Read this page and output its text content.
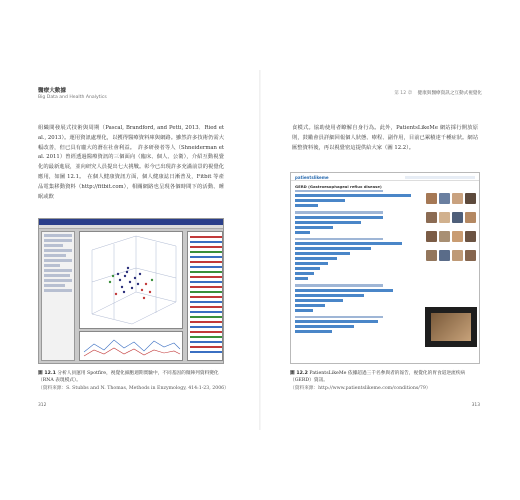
醫療大數據
Big Data and Health Analytics

組織間發展式技術與周期（Pascal, Brandford, and Petti, 2013．Ried et al., 2013）。運用資訊處理化，以獲得醫療資料庫與網路。雖然許多技術仍需大幅改善，但已具有龐大的潛在社會利益。　許多研發者等人（Shneiderman et al. 2011）曾經透過醫療資訊的三個面向（臨床、個人、公衛），介紹互動視覺化的最新進展，並向研究人員提出七大挑戰。彰今已出現許多充滿前景的視覺化應用，如圖 12.1。　在個人健康資訊方面，個人健康誌日漸普及，Fitbit 等產品電集移動資料（http://fitbit.com），相關網路也呈現各個時間下的活動、睡眠或飲

圖 12.1 分析人員運用 Spotfire，視覺化細胞週期實驗中，不同基因的微陣列資料變化（RNA 表現模式）。
（資料來源：S. Stubbs and N. Thomas, Methods in Enzymology, 414:1-23, 2006）
312
第 12 章 健康與醫療資訊之互動式視覺化

食模式。協助使用者瞭解自身行為。此外，PatientsLikeMe 網站採行開放原則，鼓勵會員詳細回報個人狀態、療程、副作用，目前已累積達千種症狀。網站匯整資料後，再以視覺密這提供給大家（圖 12.2）。

patientslikeme
GERD (Gastroesophageal reflux disease)

圖 12.2 PatientsLikeMe 依據超過三千名參與者的報告，視覺化的胃食道逆流疾病（GERD）資訊。
（資料來源：http://www.patientslikeme.com/conditions/79）
313
